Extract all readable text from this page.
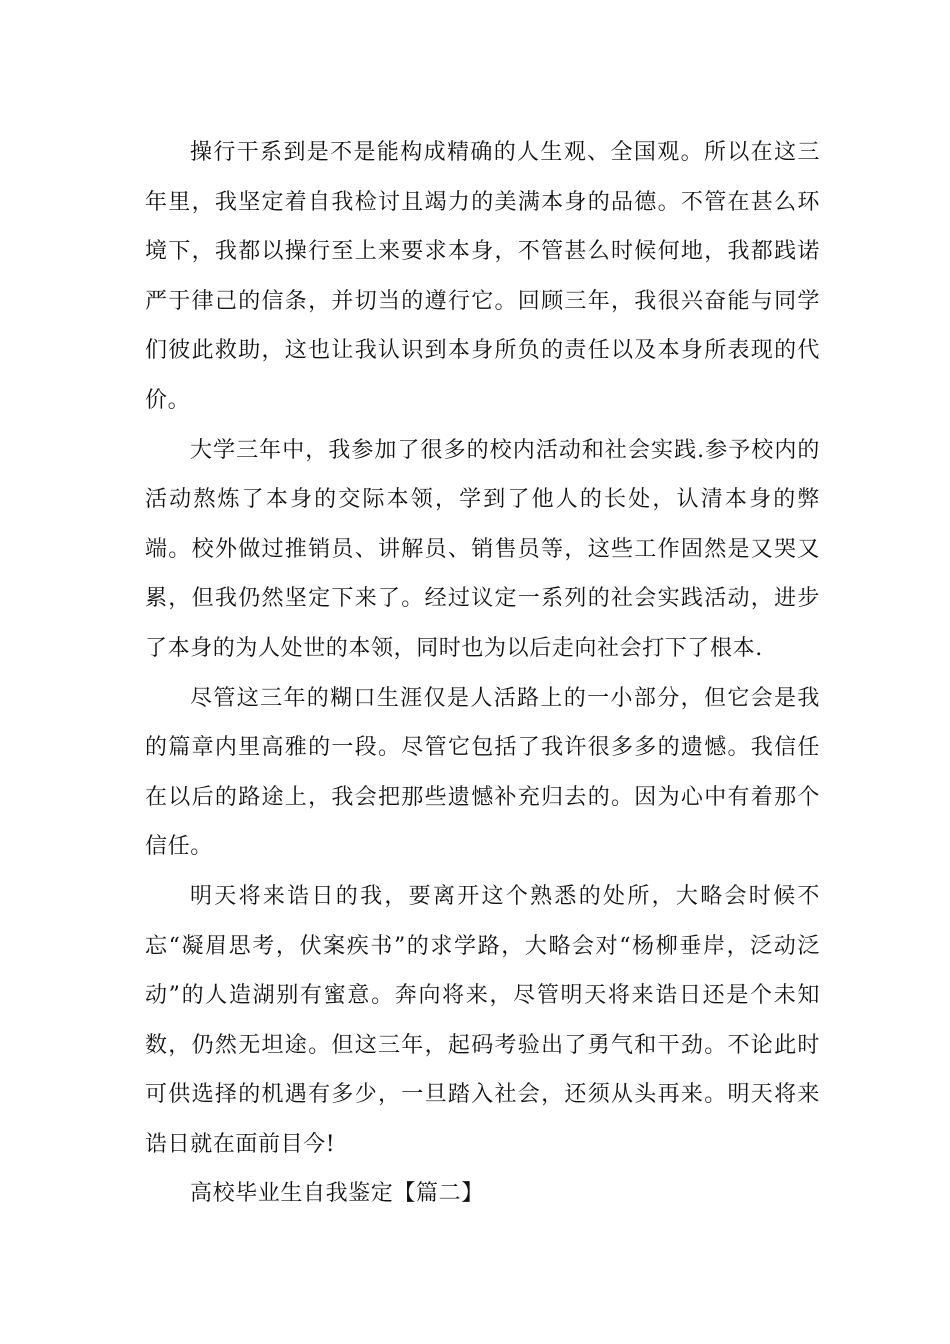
操行干系到是不是能构成精确的人生观、全国观。所以在这三年里，我坚定着自我检讨且竭力的美满本身的品德。不管在甚么环境下，我都以操行至上来要求本身，不管甚么时候何地，我都践诺严于律己的信条，并切当的遵行它。回顾三年，我很兴奋能与同学们彼此救助，这也让我认识到本身所负的责任以及本身所表现的代价。

大学三年中，我参加了很多的校内活动和社会实践.参予校内的活动熬炼了本身的交际本领，学到了他人的长处，认清本身的弊端。校外做过推销员、讲解员、销售员等，这些工作固然是又哭又累，但我仍然坚定下来了。经过议定一系列的社会实践活动，进步了本身的为人处世的本领，同时也为以后走向社会打下了根本.

尽管这三年的糊口生涯仅是人活路上的一小部分，但它会是我的篇章内里高雅的一段。尽管它包括了我许很多多的遗憾。我信任在以后的路途上，我会把那些遗憾补充归去的。因为心中有着那个信任。

明天将来诰日的我，要离开这个熟悉的处所，大略会时候不忘“凝眉思考，伏案疾书”的求学路，大略会对“杨柳垂岸，泛动泛动”的人造湖别有蜜意。奔向将来，尽管明天将来诰日还是个未知数，仍然无坦途。但这三年，起码考验出了勇气和干劲。不论此时可供选择的机遇有多少，一旦踏入社会，还须从头再来。明天将来诰日就在面前目今!

高校毕业生自我鉴定【篇二】
